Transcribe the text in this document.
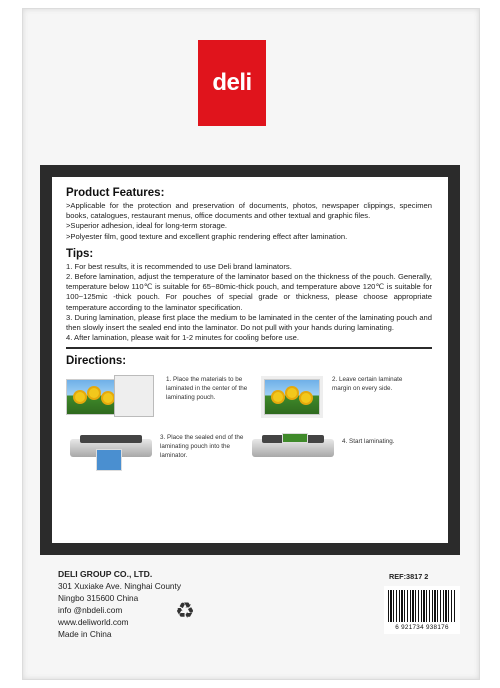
deli
Product Features:
>Applicable for the protection and preservation of documents, photos, newspaper clippings, specimen books, catalogues, restaurant menus, office documents and other textual and graphic files.
>Superior adhesion, ideal for long-term storage.
>Polyester film, good texture and excellent graphic rendering effect after lamination.
Tips:
1. For best results, it is recommended to use Deli brand laminators.
2. Before lamination, adjust the temperature of the laminator based on the thickness of the pouch. Generally, temperature below 110℃ is suitable for 65~80mic-thick pouch, and temperature above 120℃ is suitable for 100~125mic -thick pouch. For pouches of special grade or thickness, please choose appropriate temperature according to the laminator specification.
3. During lamination, please first place the medium to be laminated in the center of the laminating pouch and then slowly insert the sealed end into the laminator. Do not pull with your hands during laminating.
4. After lamination, please wait for 1-2 minutes for cooling before use.
Directions:
1. Place the materials to be laminated in the center of the laminating pouch.
2. Leave certain laminate margin on every side.
3. Place the sealed end of the laminating pouch into the laminator.
4. Start laminating.
DELI GROUP CO., LTD.
301 Xuxiake Ave. Ninghai County
Ningbo 315600 China
info @nbdeli.com
www.deliworld.com
Made in China
♻
REF:3817 2
6 921734 938176
